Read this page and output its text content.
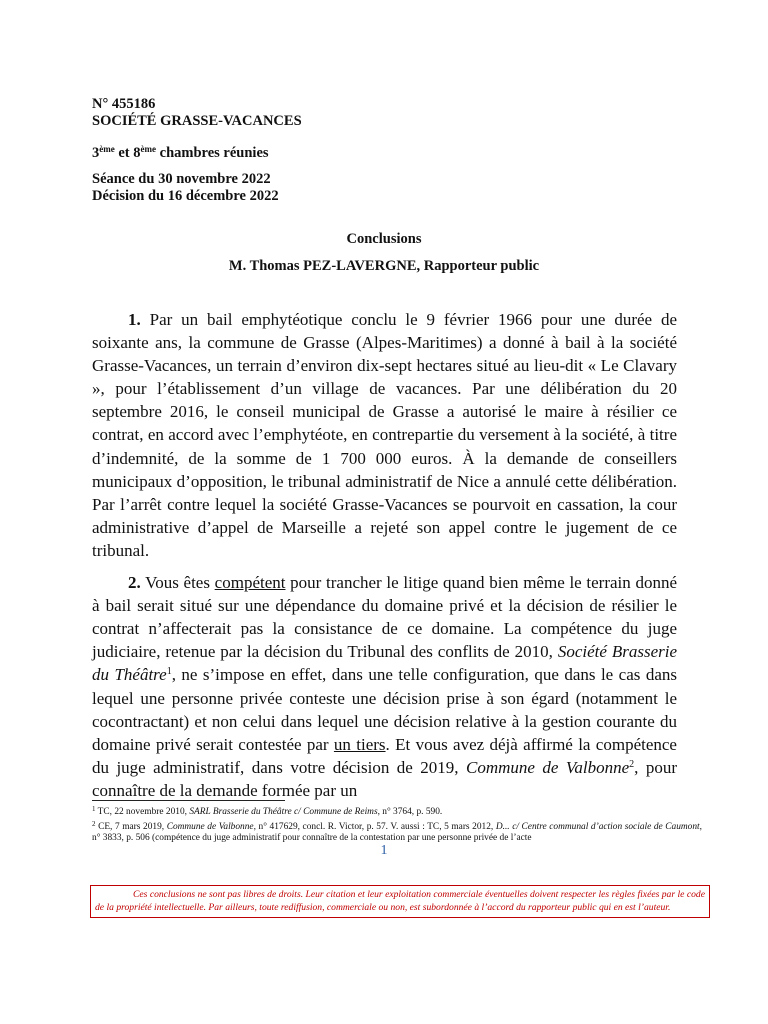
N° 455186
SOCIÉTÉ GRASSE-VACANCES
3ème et 8ème chambres réunies
Séance du 30 novembre 2022
Décision du 16 décembre 2022
Conclusions
M. Thomas PEZ-LAVERGNE, Rapporteur public

1. Par un bail emphytéotique conclu le 9 février 1966 pour une durée de soixante ans, la commune de Grasse (Alpes-Maritimes) a donné à bail à la société Grasse-Vacances, un terrain d’environ dix-sept hectares situé au lieu-dit « Le Clavary », pour l’établissement d’un village de vacances. Par une délibération du 20 septembre 2016, le conseil municipal de Grasse a autorisé le maire à résilier ce contrat, en accord avec l’emphytéote, en contrepartie du versement à la société, à titre d’indemnité, de la somme de 1 700 000 euros. À la demande de conseillers municipaux d’opposition, le tribunal administratif de Nice a annulé cette délibération. Par l’arrêt contre lequel la société Grasse-Vacances se pourvoit en cassation, la cour administrative d’appel de Marseille a rejeté son appel contre le jugement de ce tribunal.

2. Vous êtes compétent pour trancher le litige quand bien même le terrain donné à bail serait situé sur une dépendance du domaine privé et la décision de résilier le contrat n’affecterait pas la consistance de ce domaine. La compétence du juge judiciaire, retenue par la décision du Tribunal des conflits de 2010, Société Brasserie du Théâtre$^1$, ne s’impose en effet, dans une telle configuration, que dans le cas dans lequel une personne privée conteste une décision prise à son égard (notamment le cocontractant) et non celui dans lequel une décision relative à la gestion courante du domaine privé serait contestée par un tiers. Et vous avez déjà affirmé la compétence du juge administratif, dans votre décision de 2019, Commune de Valbonne$^2$, pour connaître de la demande formée par un

$^1$ TC, 22 novembre 2010, SARL Brasserie du Théâtre c/ Commune de Reims, n° 3764, p. 590.

$^2$ CE, 7 mars 2019, Commune de Valbonne, n° 417629, concl. R. Victor, p. 57. V. aussi : TC, 5 mars 2012, D... c/ Centre communal d’action sociale de Caumont, n° 3833, p. 506 (compétence du juge administratif pour connaître de la contestation par une personne privée de l’acte

1
Ces conclusions ne sont pas libres de droits. Leur citation et leur exploitation commerciale éventuelles doivent respecter les règles fixées par le code de la propriété intellectuelle. Par ailleurs, toute rediffusion, commerciale ou non, est subordonnée à l’accord du rapporteur public qui en est l’auteur.
